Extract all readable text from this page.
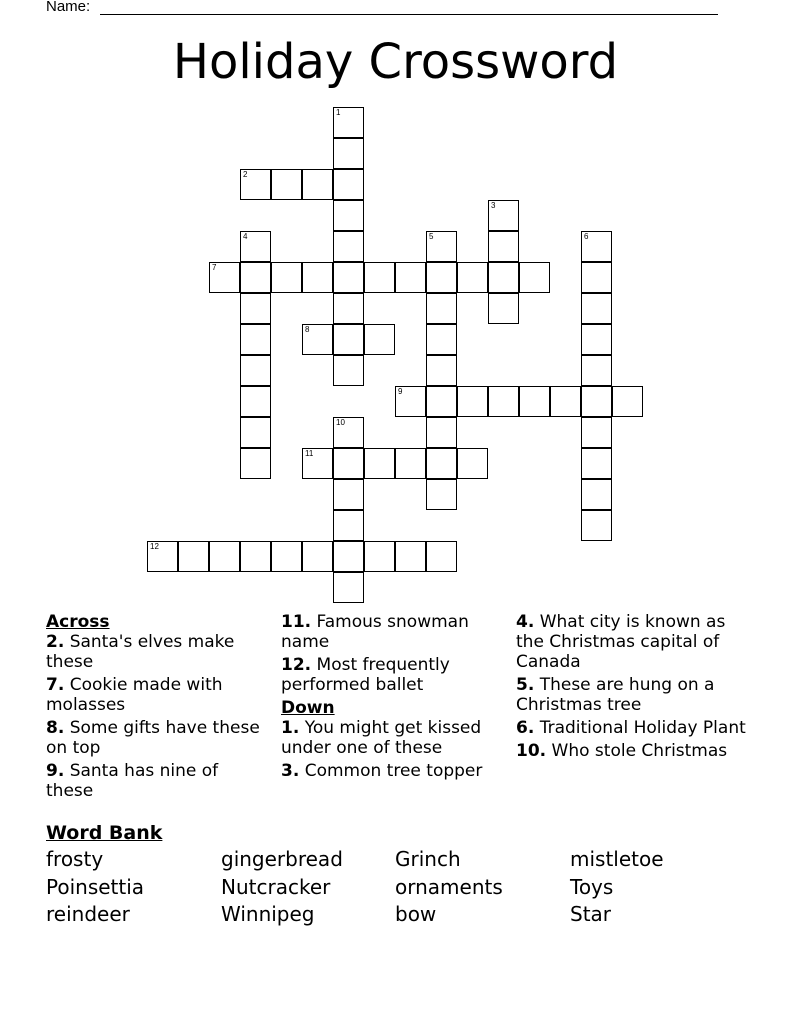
Name:
Holiday Crossword
1
2
3
4	5	6
7
8
9
10
11
12
Across
2. Santa's elves make these
7. Cookie made with molasses
8. Some gifts have these on top
9. Santa has nine of these
11. Famous snowman name
12. Most frequently performed ballet
Down
1. You might get kissed under one of these
3. Common tree topper
4. What city is known as the Christmas capital of Canada
5. These are hung on a Christmas tree
6. Traditional Holiday Plant
10. Who stole Christmas
Word Bank
frosty	gingerbread	Grinch	mistletoe
Poinsettia	Nutcracker	ornaments	Toys
reindeer	Winnipeg	bow	Star
